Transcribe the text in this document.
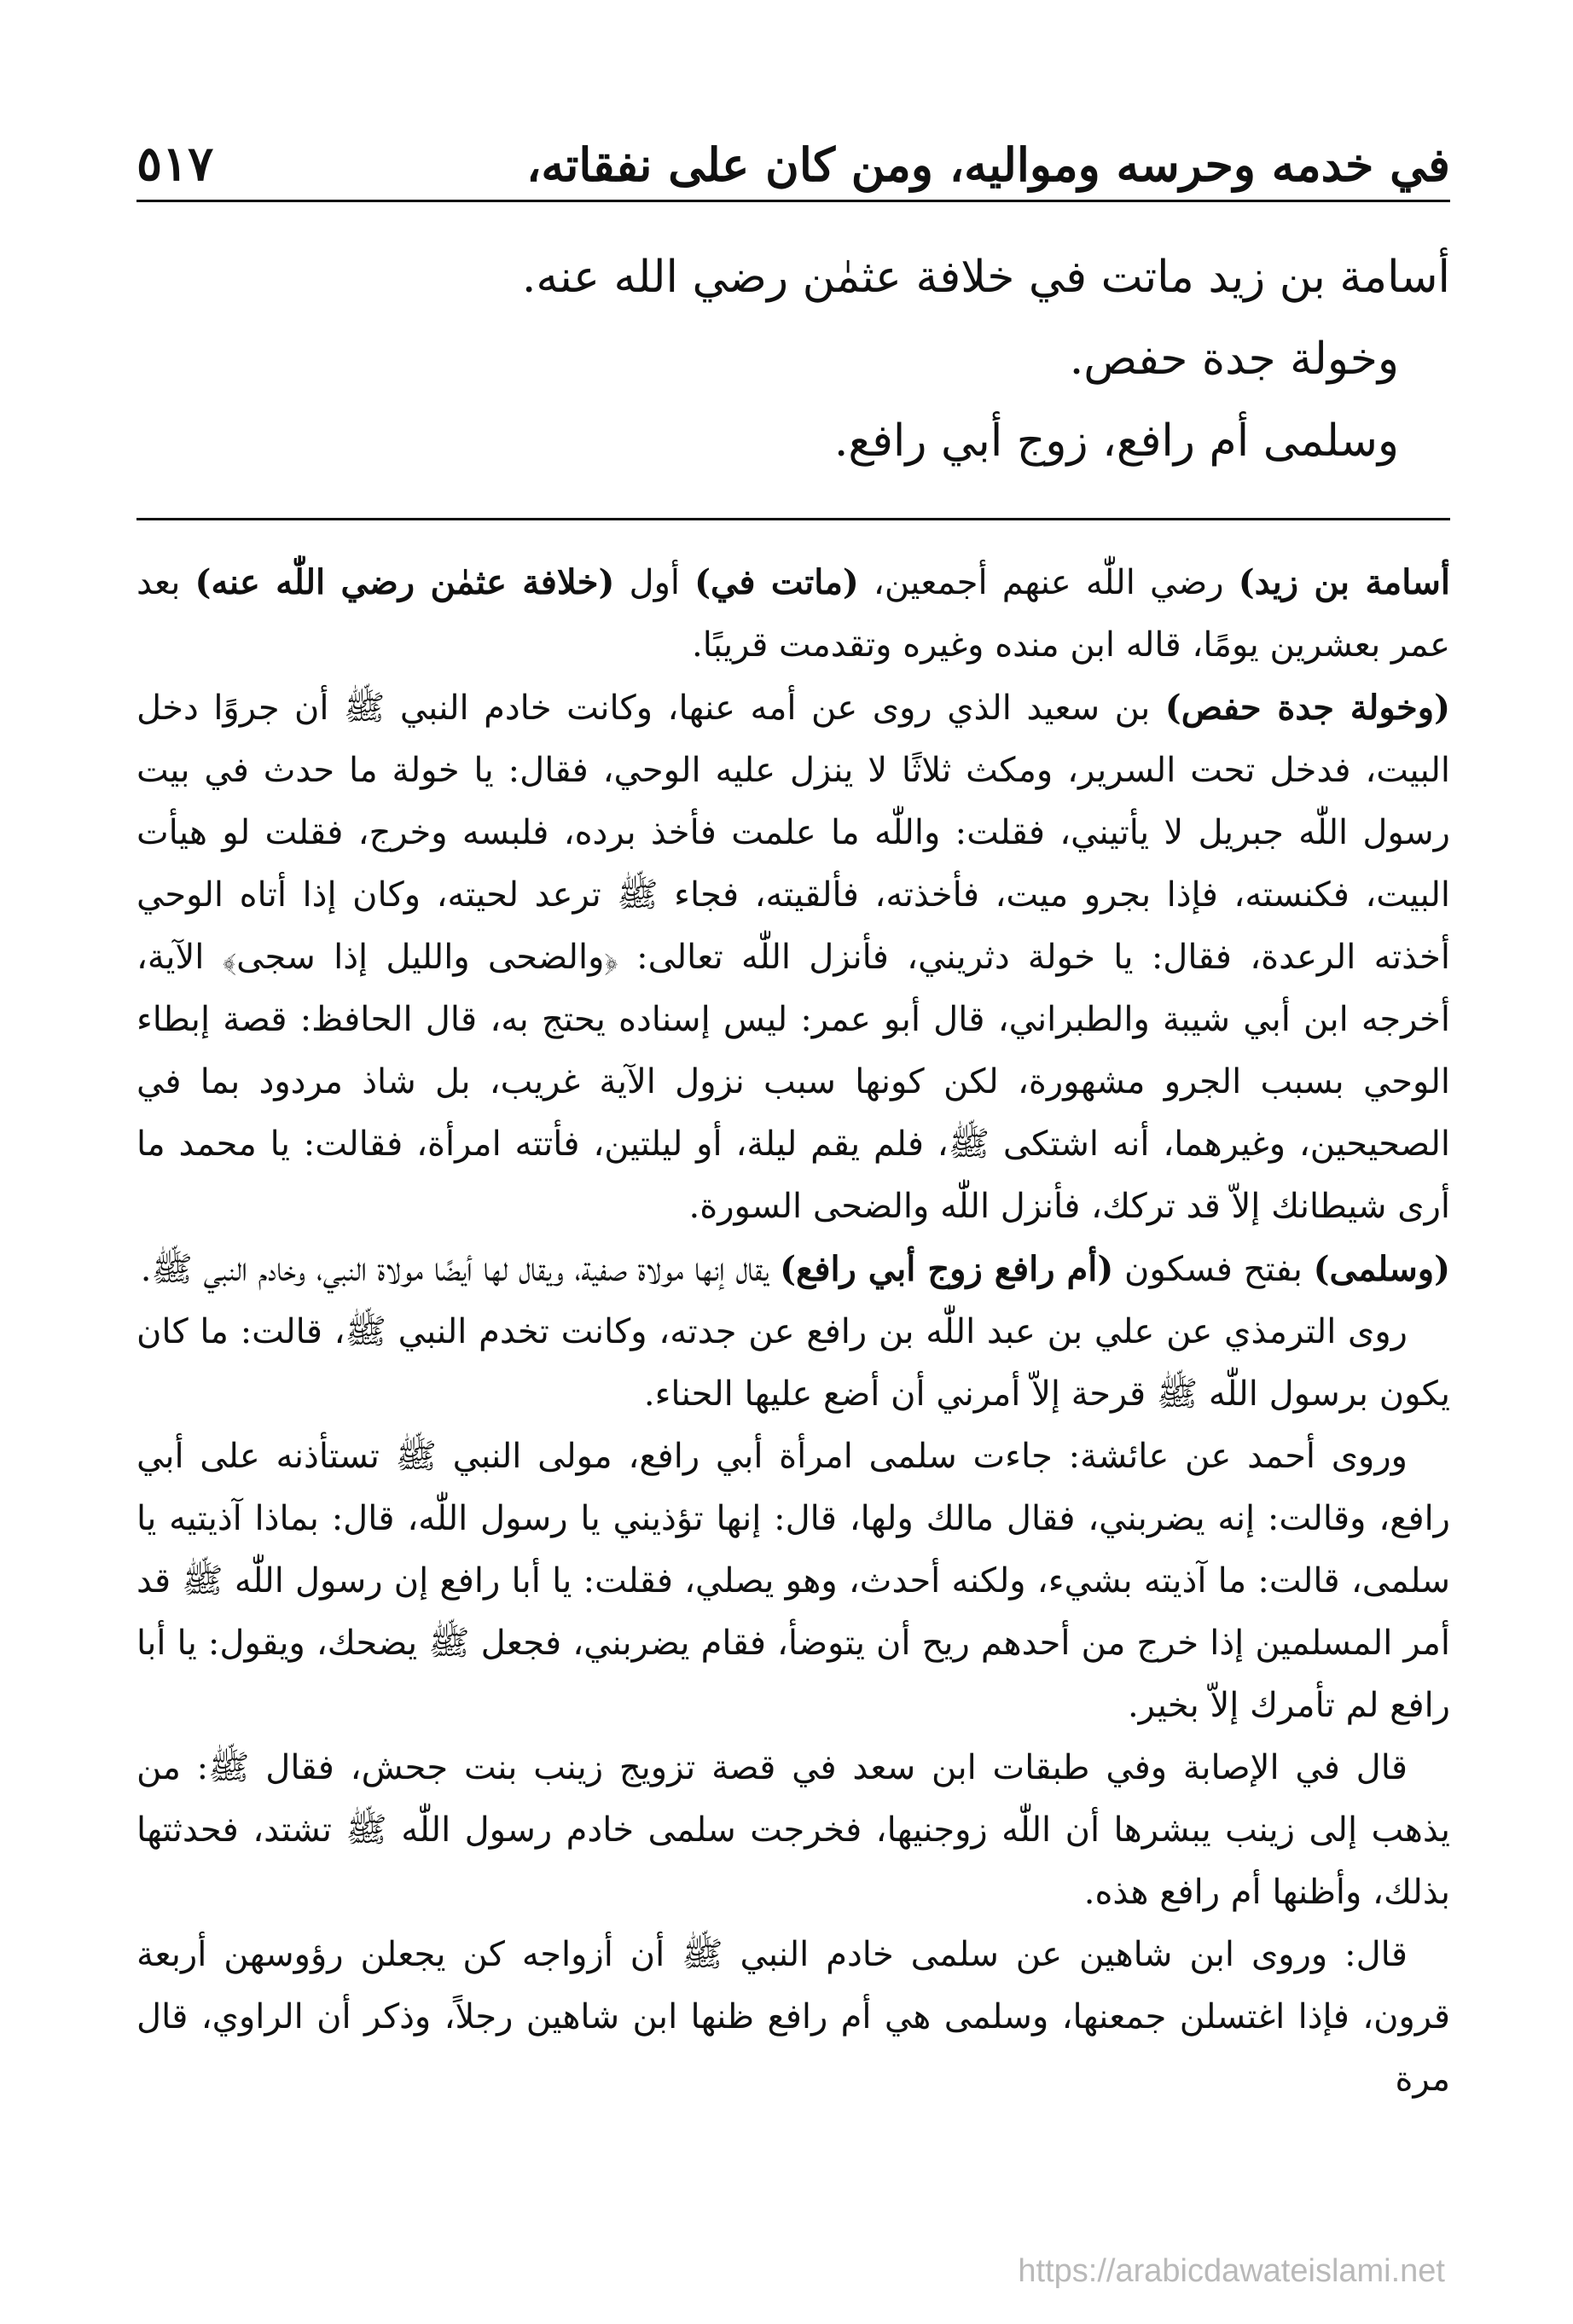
في خدمه وحرسه ومواليه، ومن كان على نفقاته،
٥١٧

أسامة بن زيد ماتت في خلافة عثمٰن رضي الله عنه.

وخولة جدة حفص.

وسلمى أم رافع، زوج أبي رافع.

أسامة بن زيد) رضي اللّٰه عنهم أجمعين، (ماتت في) أول (خلافة عثمٰن رضي اللّٰه عنه) بعد عمر بعشرين يومًا، قاله ابن منده وغيره وتقدمت قريبًا.

(وخولة جدة حفص) بن سعيد الذي روى عن أمه عنها، وكانت خادم النبي ﷺ أن جروًا دخل البيت، فدخل تحت السرير، ومكث ثلاثًا لا ينزل عليه الوحي، فقال: يا خولة ما حدث في بيت رسول اللّٰه جبريل لا يأتيني، فقلت: واللّٰه ما علمت فأخذ برده، فلبسه وخرج، فقلت لو هيأت البيت، فكنسته، فإذا بجرو ميت، فأخذته، فألقيته، فجاء ﷺ ترعد لحيته، وكان إذا أتاه الوحي أخذته الرعدة، فقال: يا خولة دثريني، فأنزل اللّٰه تعالى: ﴿والضحى والليل إذا سجى﴾ الآية، أخرجه ابن أبي شيبة والطبراني، قال أبو عمر: ليس إسناده يحتج به، قال الحافظ: قصة إبطاء الوحي بسبب الجرو مشهورة، لكن كونها سبب نزول الآية غريب، بل شاذ مردود بما في الصحيحين، وغيرهما، أنه اشتكى ﷺ، فلم يقم ليلة، أو ليلتين، فأتته امرأة، فقالت: يا محمد ما أرى شيطانك إلاّ قد تركك، فأنزل اللّٰه والضحى السورة.

(وسلمى) بفتح فسكون (أم رافع زوج أبي رافع) يقال إنها مولاة صفية، ويقال لها أيضًا مولاة النبي، وخادم النبي ﷺ.

روى الترمذي عن علي بن عبد اللّٰه بن رافع عن جدته، وكانت تخدم النبي ﷺ، قالت: ما كان يكون برسول اللّٰه ﷺ قرحة إلاّ أمرني أن أضع عليها الحناء.

وروى أحمد عن عائشة: جاءت سلمى امرأة أبي رافع، مولى النبي ﷺ تستأذنه على أبي رافع، وقالت: إنه يضربني، فقال مالك ولها، قال: إنها تؤذيني يا رسول اللّٰه، قال: بماذا آذيتيه يا سلمى، قالت: ما آذيته بشيء، ولكنه أحدث، وهو يصلي، فقلت: يا أبا رافع إن رسول اللّٰه ﷺ قد أمر المسلمين إذا خرج من أحدهم ريح أن يتوضأ، فقام يضربني، فجعل ﷺ يضحك، ويقول: يا أبا رافع لم تأمرك إلاّ بخير.

قال في الإصابة وفي طبقات ابن سعد في قصة تزويج زينب بنت جحش، فقال ﷺ: من يذهب إلى زينب يبشرها أن اللّٰه زوجنيها، فخرجت سلمى خادم رسول اللّٰه ﷺ تشتد، فحدثتها بذلك، وأظنها أم رافع هذه.

قال: وروى ابن شاهين عن سلمى خادم النبي ﷺ أن أزواجه كن يجعلن رؤوسهن أربعة قرون، فإذا اغتسلن جمعنها، وسلمى هي أم رافع ظنها ابن شاهين رجلاً، وذكر أن الراوي، قال مرة

https://arabicdawateislami.net
